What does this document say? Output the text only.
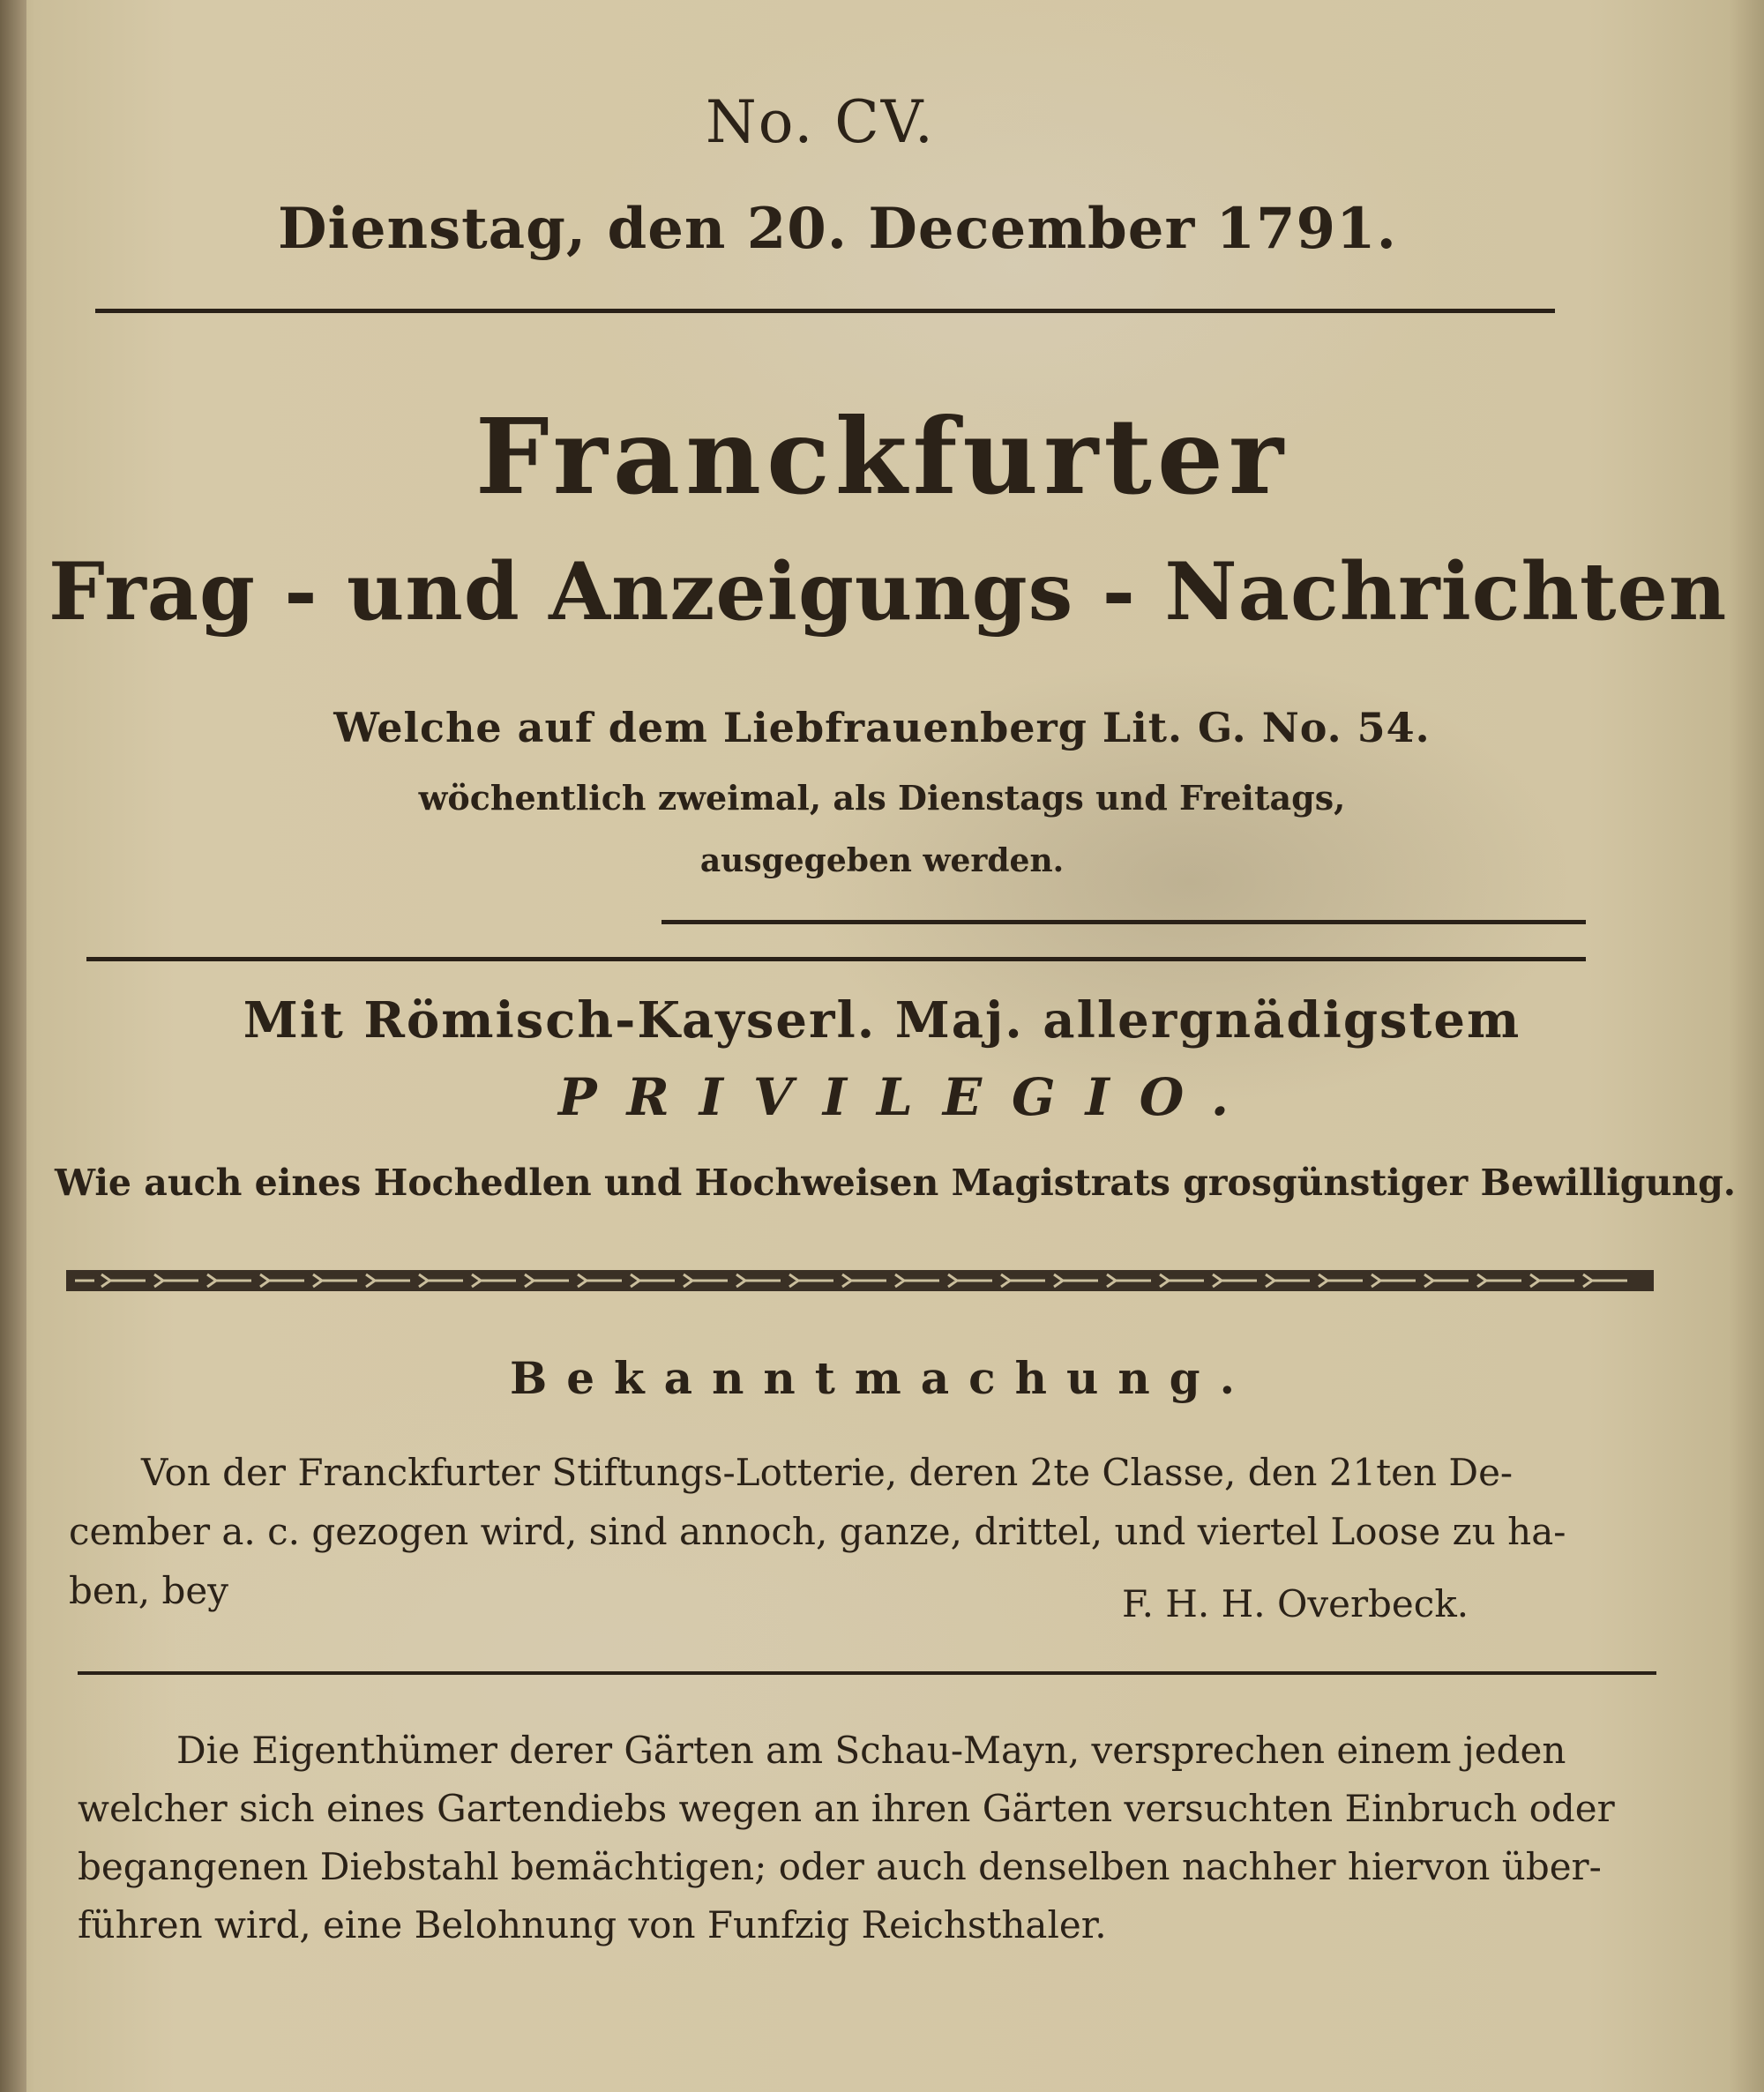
No. CV.
Dienstag, den 20. December 1791.
Franckfurter
Frag - und Anzeigungs - Nachrichten
Welche auf dem Liebfrauenberg Lit. G. No. 54.
wöchentlich zweimal, als Dienstags und Freitags,
ausgegeben werden.
Mit Römisch-Kayserl. Maj. allergnädigstem
PRIVILEGIO.
Wie auch eines Hochedlen und Hochweisen Magistrats grosgünstiger Bewilligung.
Bekanntmachung.
Von der Franckfurter Stiftungs-Lotterie, deren 2te Classe, den 21ten De-
cember a. c. gezogen wird, sind annoch, ganze, drittel, und viertel Loose zu ha-
ben, bey	F. H. H. Overbeck.
Die Eigenthümer derer Gärten am Schau-Mayn, versprechen einem jeden
welcher sich eines Gartendiebs wegen an ihren Gärten versuchten Einbruch oder
begangenen Diebstahl bemächtigen; oder auch denselben nachher hiervon über-
führen wird, eine Belohnung von Funfzig Reichsthaler.
